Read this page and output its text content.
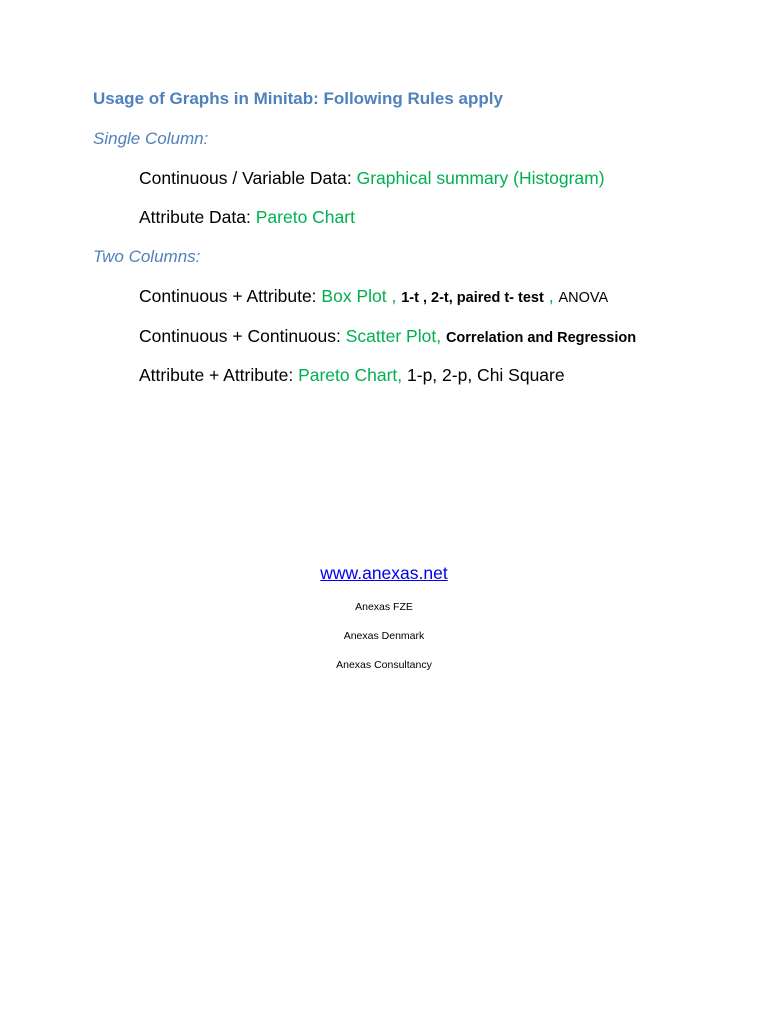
Usage of Graphs in Minitab: Following Rules apply
Single Column:
Continuous / Variable Data: Graphical summary (Histogram)
Attribute Data: Pareto Chart
Two Columns:
Continuous + Attribute: Box Plot , 1-t , 2-t, paired t- test , ANOVA
Continuous + Continuous: Scatter Plot, Correlation and Regression
Attribute + Attribute: Pareto Chart, 1-p, 2-p, Chi Square
www.anexas.net
Anexas FZE
Anexas Denmark
Anexas Consultancy
